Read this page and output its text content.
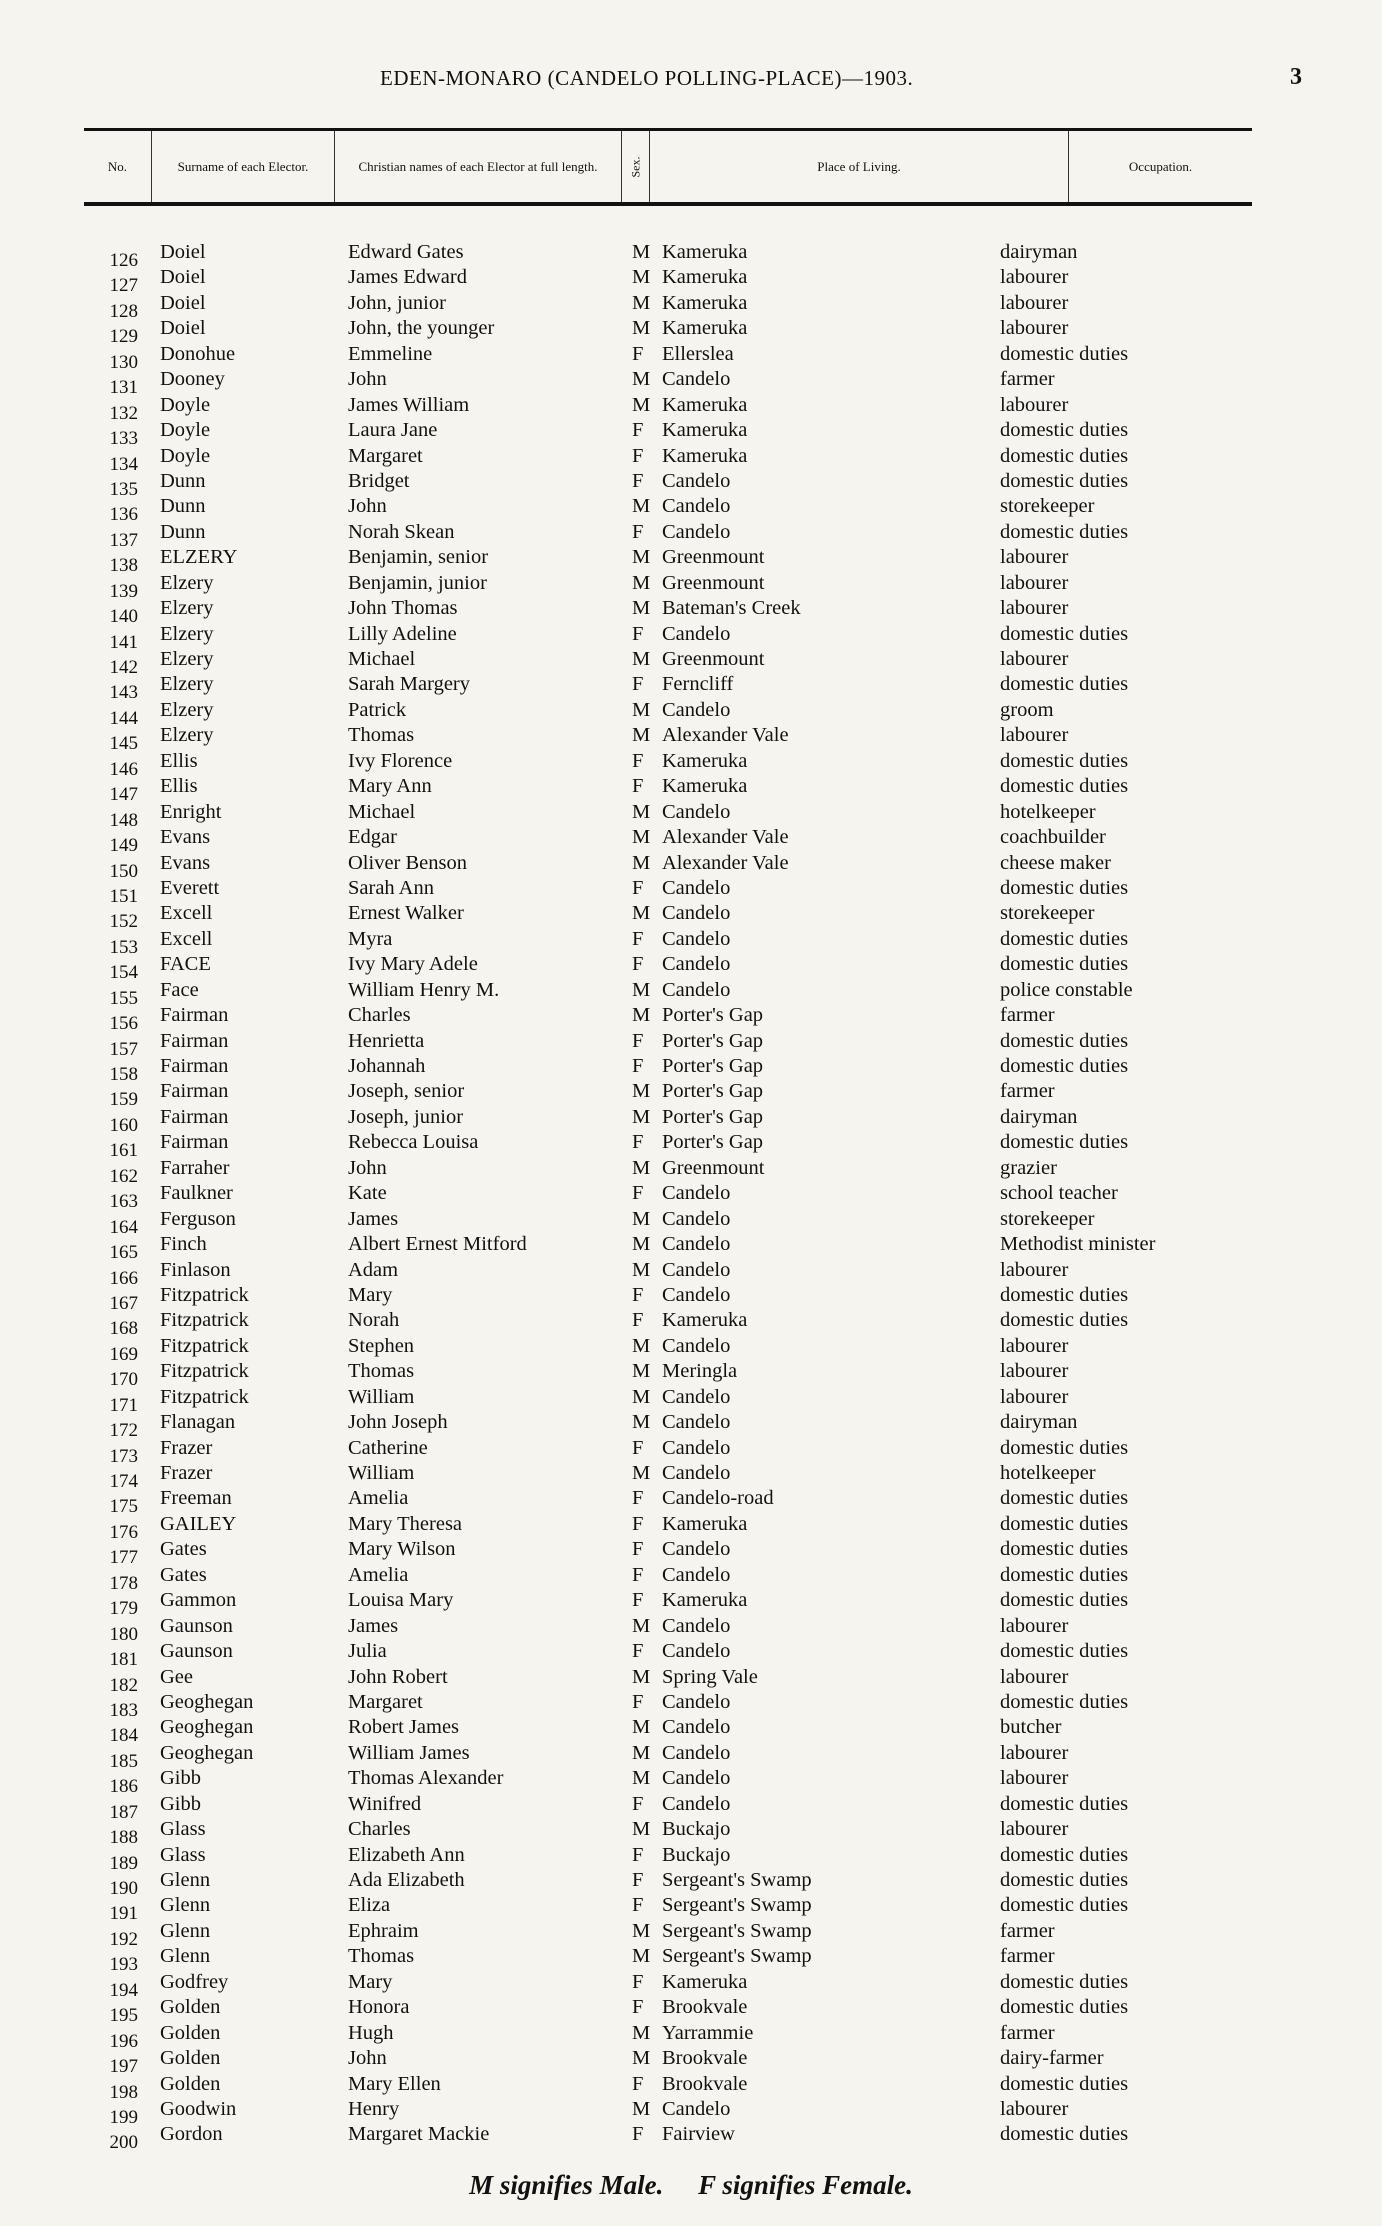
EDEN-MONARO (CANDELO POLLING-PLACE)—1903.	3
No.	Surname of each Elector.	Christian names of each Elector at full length.	Sex.	Place of Living.	Occupation.
126 Doiel	Edward Gates	M Kameruka	dairyman
127 Doiel	James Edward	M Kameruka	labourer
128 Doiel	John, junior	M Kameruka	labourer
129 Doiel	John, the younger	M Kameruka	labourer
130 Donohue	Emmeline	F Ellerslea	domestic duties
131 Dooney	John	M Candelo	farmer
132 Doyle	James William	M Kameruka	labourer
133 Doyle	Laura Jane	F Kameruka	domestic duties
134 Doyle	Margaret	F Kameruka	domestic duties
135 Dunn	Bridget	F Candelo	domestic duties
136 Dunn	John	M Candelo	storekeeper
137 Dunn	Norah Skean	F Candelo	domestic duties
138 ELZERY	Benjamin, senior	M Greenmount	labourer
139 Elzery	Benjamin, junior	M Greenmount	labourer
140 Elzery	John Thomas	M Bateman's Creek	labourer
141 Elzery	Lilly Adeline	F Candelo	domestic duties
142 Elzery	Michael	M Greenmount	labourer
143 Elzery	Sarah Margery	F Ferncliff	domestic duties
144 Elzery	Patrick	M Candelo	groom
145 Elzery	Thomas	M Alexander Vale	labourer
146 Ellis	Ivy Florence	F Kameruka	domestic duties
147 Ellis	Mary Ann	F Kameruka	domestic duties
148 Enright	Michael	M Candelo	hotelkeeper
149 Evans	Edgar	M Alexander Vale	coachbuilder
150 Evans	Oliver Benson	M Alexander Vale	cheese maker
151 Everett	Sarah Ann	F Candelo	domestic duties
152 Excell	Ernest Walker	M Candelo	storekeeper
153 Excell	Myra	F Candelo	domestic duties
154 FACE	Ivy Mary Adele	F Candelo	domestic duties
155 Face	William Henry M.	M Candelo	police constable
156 Fairman	Charles	M Porter's Gap	farmer
157 Fairman	Henrietta	F Porter's Gap	domestic duties
158 Fairman	Johannah	F Porter's Gap	domestic duties
159 Fairman	Joseph, senior	M Porter's Gap	farmer
160 Fairman	Joseph, junior	M Porter's Gap	dairyman
161 Fairman	Rebecca Louisa	F Porter's Gap	domestic duties
162 Farraher	John	M Greenmount	grazier
163 Faulkner	Kate	F Candelo	school teacher
164 Ferguson	James	M Candelo	storekeeper
165 Finch	Albert Ernest Mitford	M Candelo	Methodist minister
166 Finlason	Adam	M Candelo	labourer
167 Fitzpatrick	Mary	F Candelo	domestic duties
168 Fitzpatrick	Norah	F Kameruka	domestic duties
169 Fitzpatrick	Stephen	M Candelo	labourer
170 Fitzpatrick	Thomas	M Meringla	labourer
171 Fitzpatrick	William	M Candelo	labourer
172 Flanagan	John Joseph	M Candelo	dairyman
173 Frazer	Catherine	F Candelo	domestic duties
174 Frazer	William	M Candelo	hotelkeeper
175 Freeman	Amelia	F Candelo-road	domestic duties
176 GAILEY	Mary Theresa	F Kameruka	domestic duties
177 Gates	Mary Wilson	F Candelo	domestic duties
178 Gates	Amelia	F Candelo	domestic duties
179 Gammon	Louisa Mary	F Kameruka	domestic duties
180 Gaunson	James	M Candelo	labourer
181 Gaunson	Julia	F Candelo	domestic duties
182 Gee	John Robert	M Spring Vale	labourer
183 Geoghegan	Margaret	F Candelo	domestic duties
184 Geoghegan	Robert James	M Candelo	butcher
185 Geoghegan	William James	M Candelo	labourer
186 Gibb	Thomas Alexander	M Candelo	labourer
187 Gibb	Winifred	F Candelo	domestic duties
188 Glass	Charles	M Buckajo	labourer
189 Glass	Elizabeth Ann	F Buckajo	domestic duties
190 Glenn	Ada Elizabeth	F Sergeant's Swamp	domestic duties
191 Glenn	Eliza	F Sergeant's Swamp	domestic duties
192 Glenn	Ephraim	M Sergeant's Swamp	farmer
193 Glenn	Thomas	M Sergeant's Swamp	farmer
194 Godfrey	Mary	F Kameruka	domestic duties
195 Golden	Honora	F Brookvale	domestic duties
196 Golden	Hugh	M Yarrammie	farmer
197 Golden	John	M Brookvale	dairy-farmer
198 Golden	Mary Ellen	F Brookvale	domestic duties
199 Goodwin	Henry	M Candelo	labourer
200 Gordon	Margaret Mackie	F Fairview	domestic duties
M signifies Male. F signifies Female.
